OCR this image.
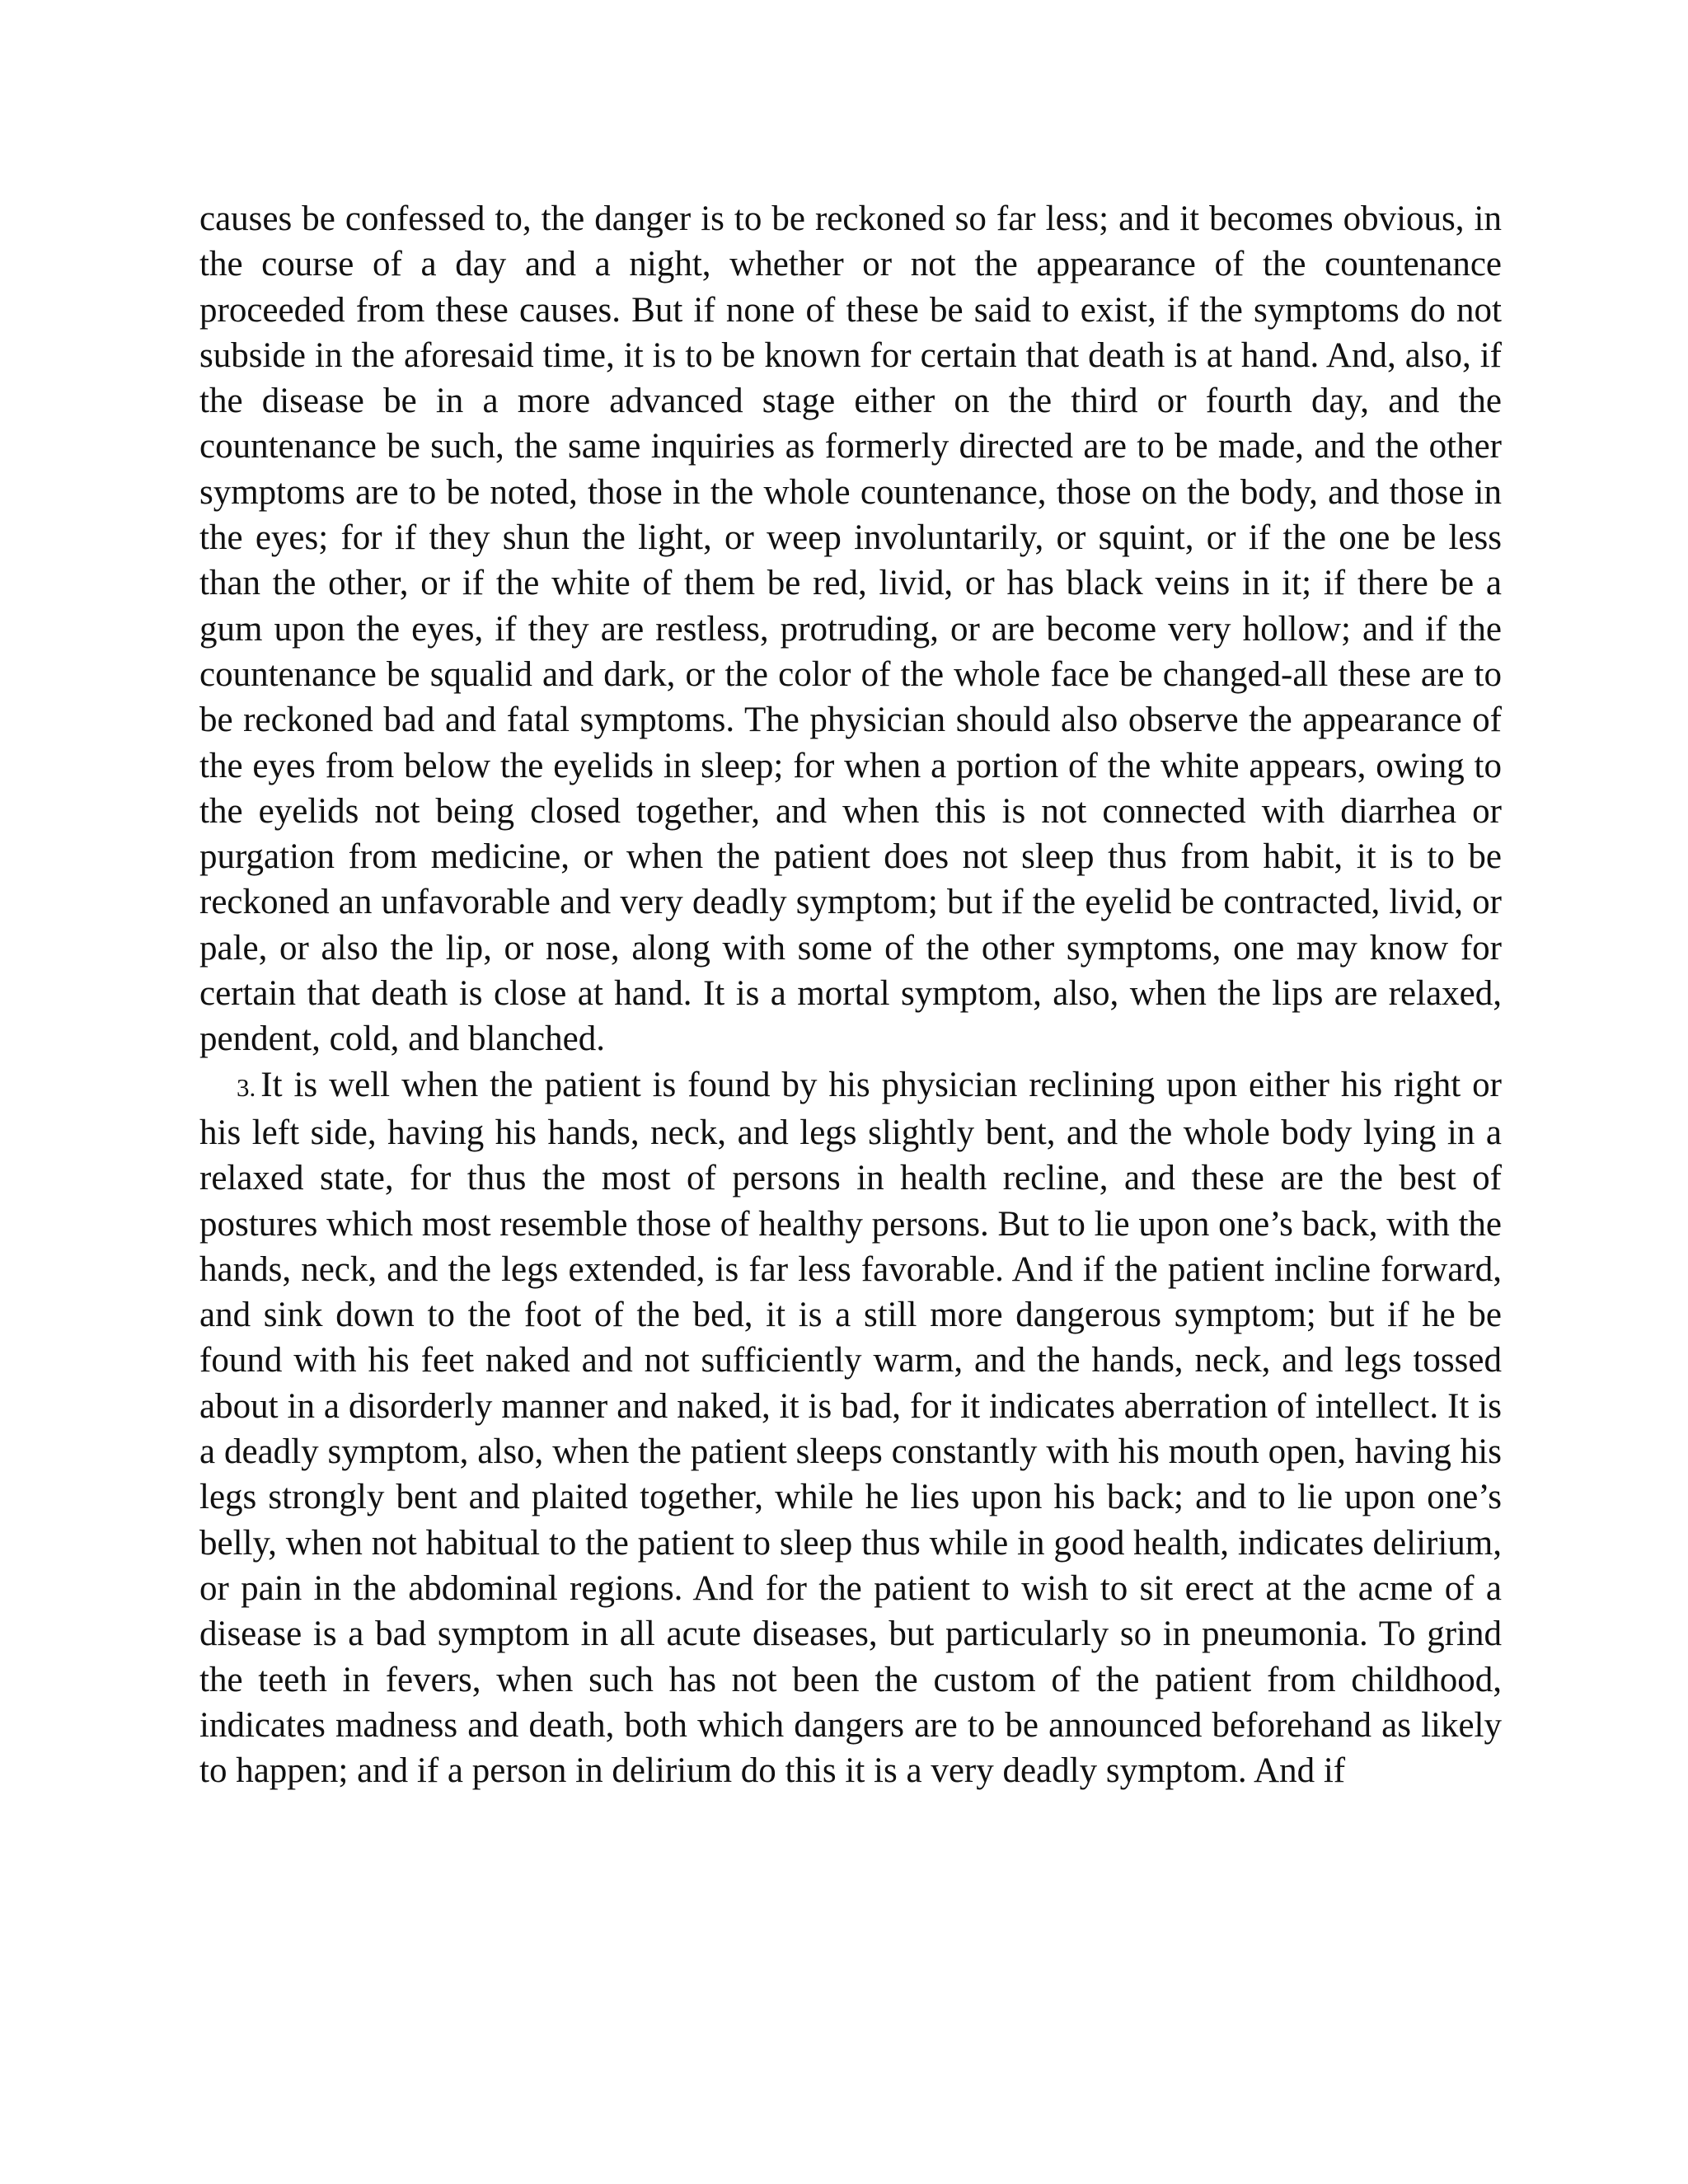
causes be confessed to, the danger is to be reckoned so far less; and it becomes obvious, in the course of a day and a night, whether or not the appearance of the countenance proceeded from these causes. But if none of these be said to exist, if the symptoms do not subside in the aforesaid time, it is to be known for certain that death is at hand. And, also, if the disease be in a more advanced stage either on the third or fourth day, and the countenance be such, the same inquiries as formerly directed are to be made, and the other symptoms are to be noted, those in the whole countenance, those on the body, and those in the eyes; for if they shun the light, or weep involuntarily, or squint, or if the one be less than the other, or if the white of them be red, livid, or has black veins in it; if there be a gum upon the eyes, if they are restless, protruding, or are become very hollow; and if the countenance be squalid and dark, or the color of the whole face be changed-all these are to be reckoned bad and fatal symptoms. The physician should also observe the appearance of the eyes from below the eyelids in sleep; for when a portion of the white appears, owing to the eyelids not being closed together, and when this is not connected with diarrhea or purgation from medicine, or when the patient does not sleep thus from habit, it is to be reckoned an unfavorable and very deadly symptom; but if the eyelid be contracted, livid, or pale, or also the lip, or nose, along with some of the other symptoms, one may know for certain that death is close at hand. It is a mortal symptom, also, when the lips are relaxed, pendent, cold, and blanched.

3. It is well when the patient is found by his physician reclining upon either his right or his left side, having his hands, neck, and legs slightly bent, and the whole body lying in a relaxed state, for thus the most of persons in health recline, and these are the best of postures which most resemble those of healthy persons. But to lie upon one’s back, with the hands, neck, and the legs extended, is far less favorable. And if the patient incline forward, and sink down to the foot of the bed, it is a still more dangerous symptom; but if he be found with his feet naked and not sufficiently warm, and the hands, neck, and legs tossed about in a disorderly manner and naked, it is bad, for it indicates aberration of intellect. It is a deadly symptom, also, when the patient sleeps constantly with his mouth open, having his legs strongly bent and plaited together, while he lies upon his back; and to lie upon one’s belly, when not habitual to the patient to sleep thus while in good health, indicates delirium, or pain in the abdominal regions. And for the patient to wish to sit erect at the acme of a disease is a bad symptom in all acute diseases, but particularly so in pneumonia. To grind the teeth in fevers, when such has not been the custom of the patient from childhood, indicates madness and death, both which dangers are to be announced beforehand as likely to happen; and if a person in delirium do this it is a very deadly symptom. And if
